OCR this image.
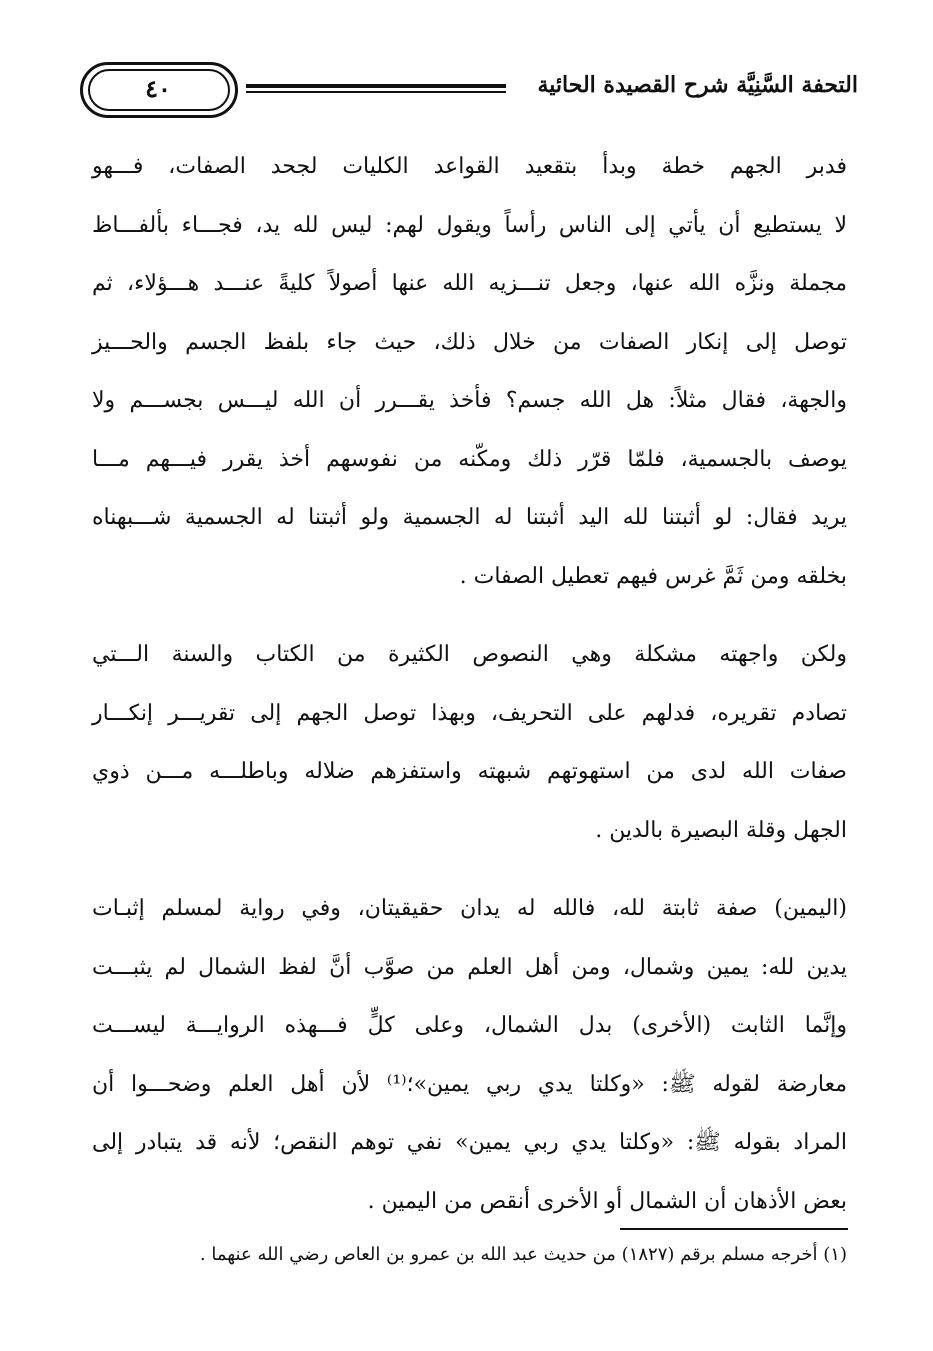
٤٠	التحفة السَّنِيَّة شرح القصيدة الحائية

فدبر الجهم خطة وبدأ بتقعيد القواعد الكليات لجحد الصفات، فـــهو
لا يستطيع أن يأتي إلى الناس رأساً ويقول لهم: ليس لله يد، فجـــاء بألفـــاظ
مجملة ونزَّه الله عنها، وجعل تنـــزيه الله عنها أصولاً كليةً عنـــد هـــؤلاء، ثم
توصل إلى إنكار الصفات من خلال ذلك، حيث جاء بلفظ الجسم والحـــيز
والجهة، فقال مثلاً: هل الله جسم؟ فأخذ يقـــرر أن الله ليـــس بجســـم ولا
يوصف بالجسمية، فلمّا قرّر ذلك ومكّنه من نفوسهم أخذ يقرر فيـــهم مـــا
يريد فقال: لو أثبتنا لله اليد أثبتنا له الجسمية ولو أثبتنا له الجسمية شـــبهناه
بخلقه ومن ثَمَّ غرس فيهم تعطيل الصفات .

ولكن واجهته مشكلة وهي النصوص الكثيرة من الكتاب والسنة الـــتي
تصادم تقريره، فدلهم على التحريف، وبهذا توصل الجهم إلى تقريـــر إنكـــار
صفات الله لدى من استهوتهم شبهته واستفزهم ضلاله وباطلـــه مـــن ذوي
الجهل وقلة البصيرة بالدين .

(اليمين) صفة ثابتة لله، فالله له يدان حقيقيتان، وفي رواية لمسلم إثبـات
يدين لله: يمين وشمال، ومن أهل العلم من صوَّب أنَّ لفظ الشمال لم يثبـــت
وإنَّما الثابت (الأخرى) بدل الشمال، وعلى كلٍّ فـــهذه الروايـــة ليســـت
معارضة لقوله ﷺ: «وكلتا يدي ربي يمين»؛⁽¹⁾ لأن أهل العلم وضحـــوا أن
المراد بقوله ﷺ: «وكلتا يدي ربي يمين» نفي توهم النقص؛ لأنه قد يتبادر إلى
بعض الأذهان أن الشمال أو الأخرى أنقص من اليمين .

(١) أخرجه مسلم برقم (١٨٢٧) من حديث عبد الله بن عمرو بن العاص رضي الله عنهما .
